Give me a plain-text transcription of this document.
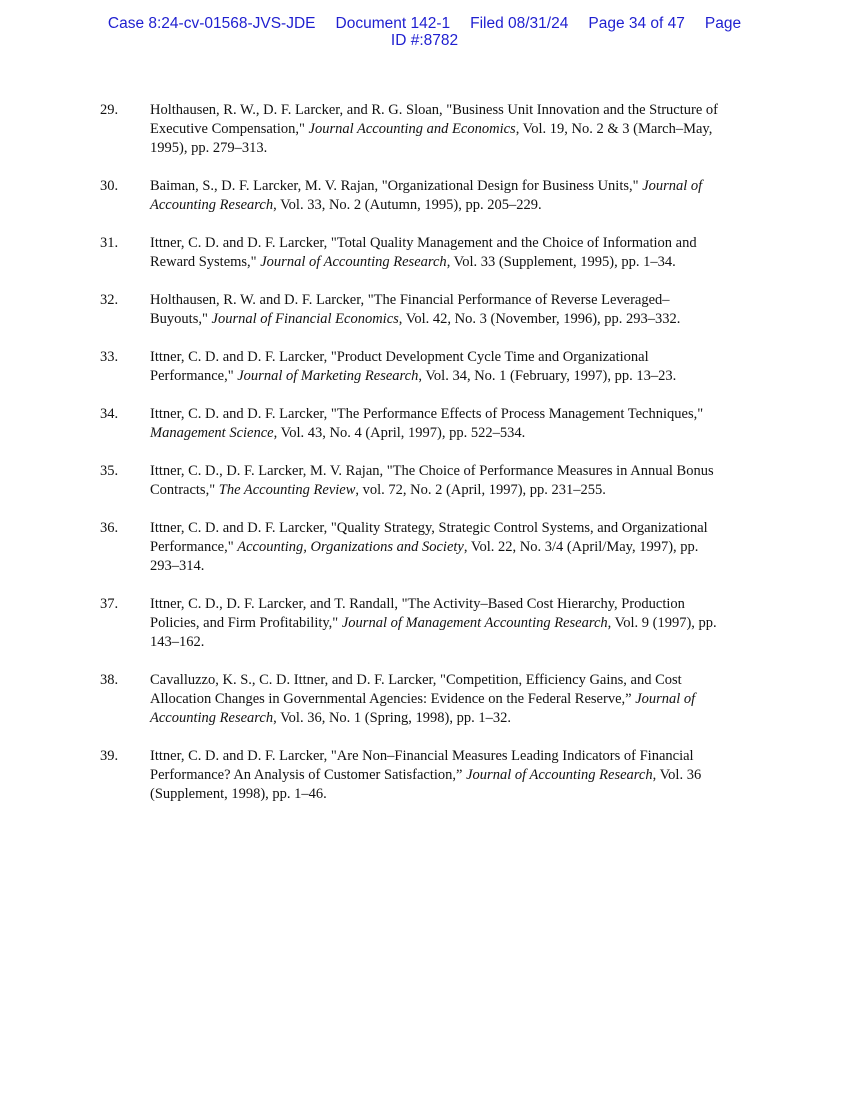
Case 8:24-cv-01568-JVS-JDE Document 142-1 Filed 08/31/24 Page 34 of 47 Page
ID #:8782
29. Holthausen, R. W., D. F. Larcker, and R. G. Sloan, "Business Unit Innovation and the Structure of Executive Compensation," Journal Accounting and Economics, Vol. 19, No. 2 & 3 (March–May, 1995), pp. 279–313.
30. Baiman, S., D. F. Larcker, M. V. Rajan, "Organizational Design for Business Units," Journal of Accounting Research, Vol. 33, No. 2 (Autumn, 1995), pp. 205–229.
31. Ittner, C. D. and D. F. Larcker, "Total Quality Management and the Choice of Information and Reward Systems," Journal of Accounting Research, Vol. 33 (Supplement, 1995), pp. 1–34.
32. Holthausen, R. W. and D. F. Larcker, "The Financial Performance of Reverse Leveraged–Buyouts," Journal of Financial Economics, Vol. 42, No. 3 (November, 1996), pp. 293–332.
33. Ittner, C. D. and D. F. Larcker, "Product Development Cycle Time and Organizational Performance," Journal of Marketing Research, Vol. 34, No. 1 (February, 1997), pp. 13–23.
34. Ittner, C. D. and D. F. Larcker, "The Performance Effects of Process Management Techniques," Management Science, Vol. 43, No. 4 (April, 1997), pp. 522–534.
35. Ittner, C. D., D. F. Larcker, M. V. Rajan, "The Choice of Performance Measures in Annual Bonus Contracts," The Accounting Review, vol. 72, No. 2 (April, 1997), pp. 231–255.
36. Ittner, C. D. and D. F. Larcker, "Quality Strategy, Strategic Control Systems, and Organizational Performance," Accounting, Organizations and Society, Vol. 22, No. 3/4 (April/May, 1997), pp. 293–314.
37. Ittner, C. D., D. F. Larcker, and T. Randall, "The Activity–Based Cost Hierarchy, Production Policies, and Firm Profitability," Journal of Management Accounting Research, Vol. 9 (1997), pp. 143–162.
38. Cavalluzzo, K. S., C. D. Ittner, and D. F. Larcker, "Competition, Efficiency Gains, and Cost Allocation Changes in Governmental Agencies: Evidence on the Federal Reserve,” Journal of Accounting Research, Vol. 36, No. 1 (Spring, 1998), pp. 1–32.
39. Ittner, C. D. and D. F. Larcker, "Are Non–Financial Measures Leading Indicators of Financial Performance? An Analysis of Customer Satisfaction,” Journal of Accounting Research, Vol. 36 (Supplement, 1998), pp. 1–46.
